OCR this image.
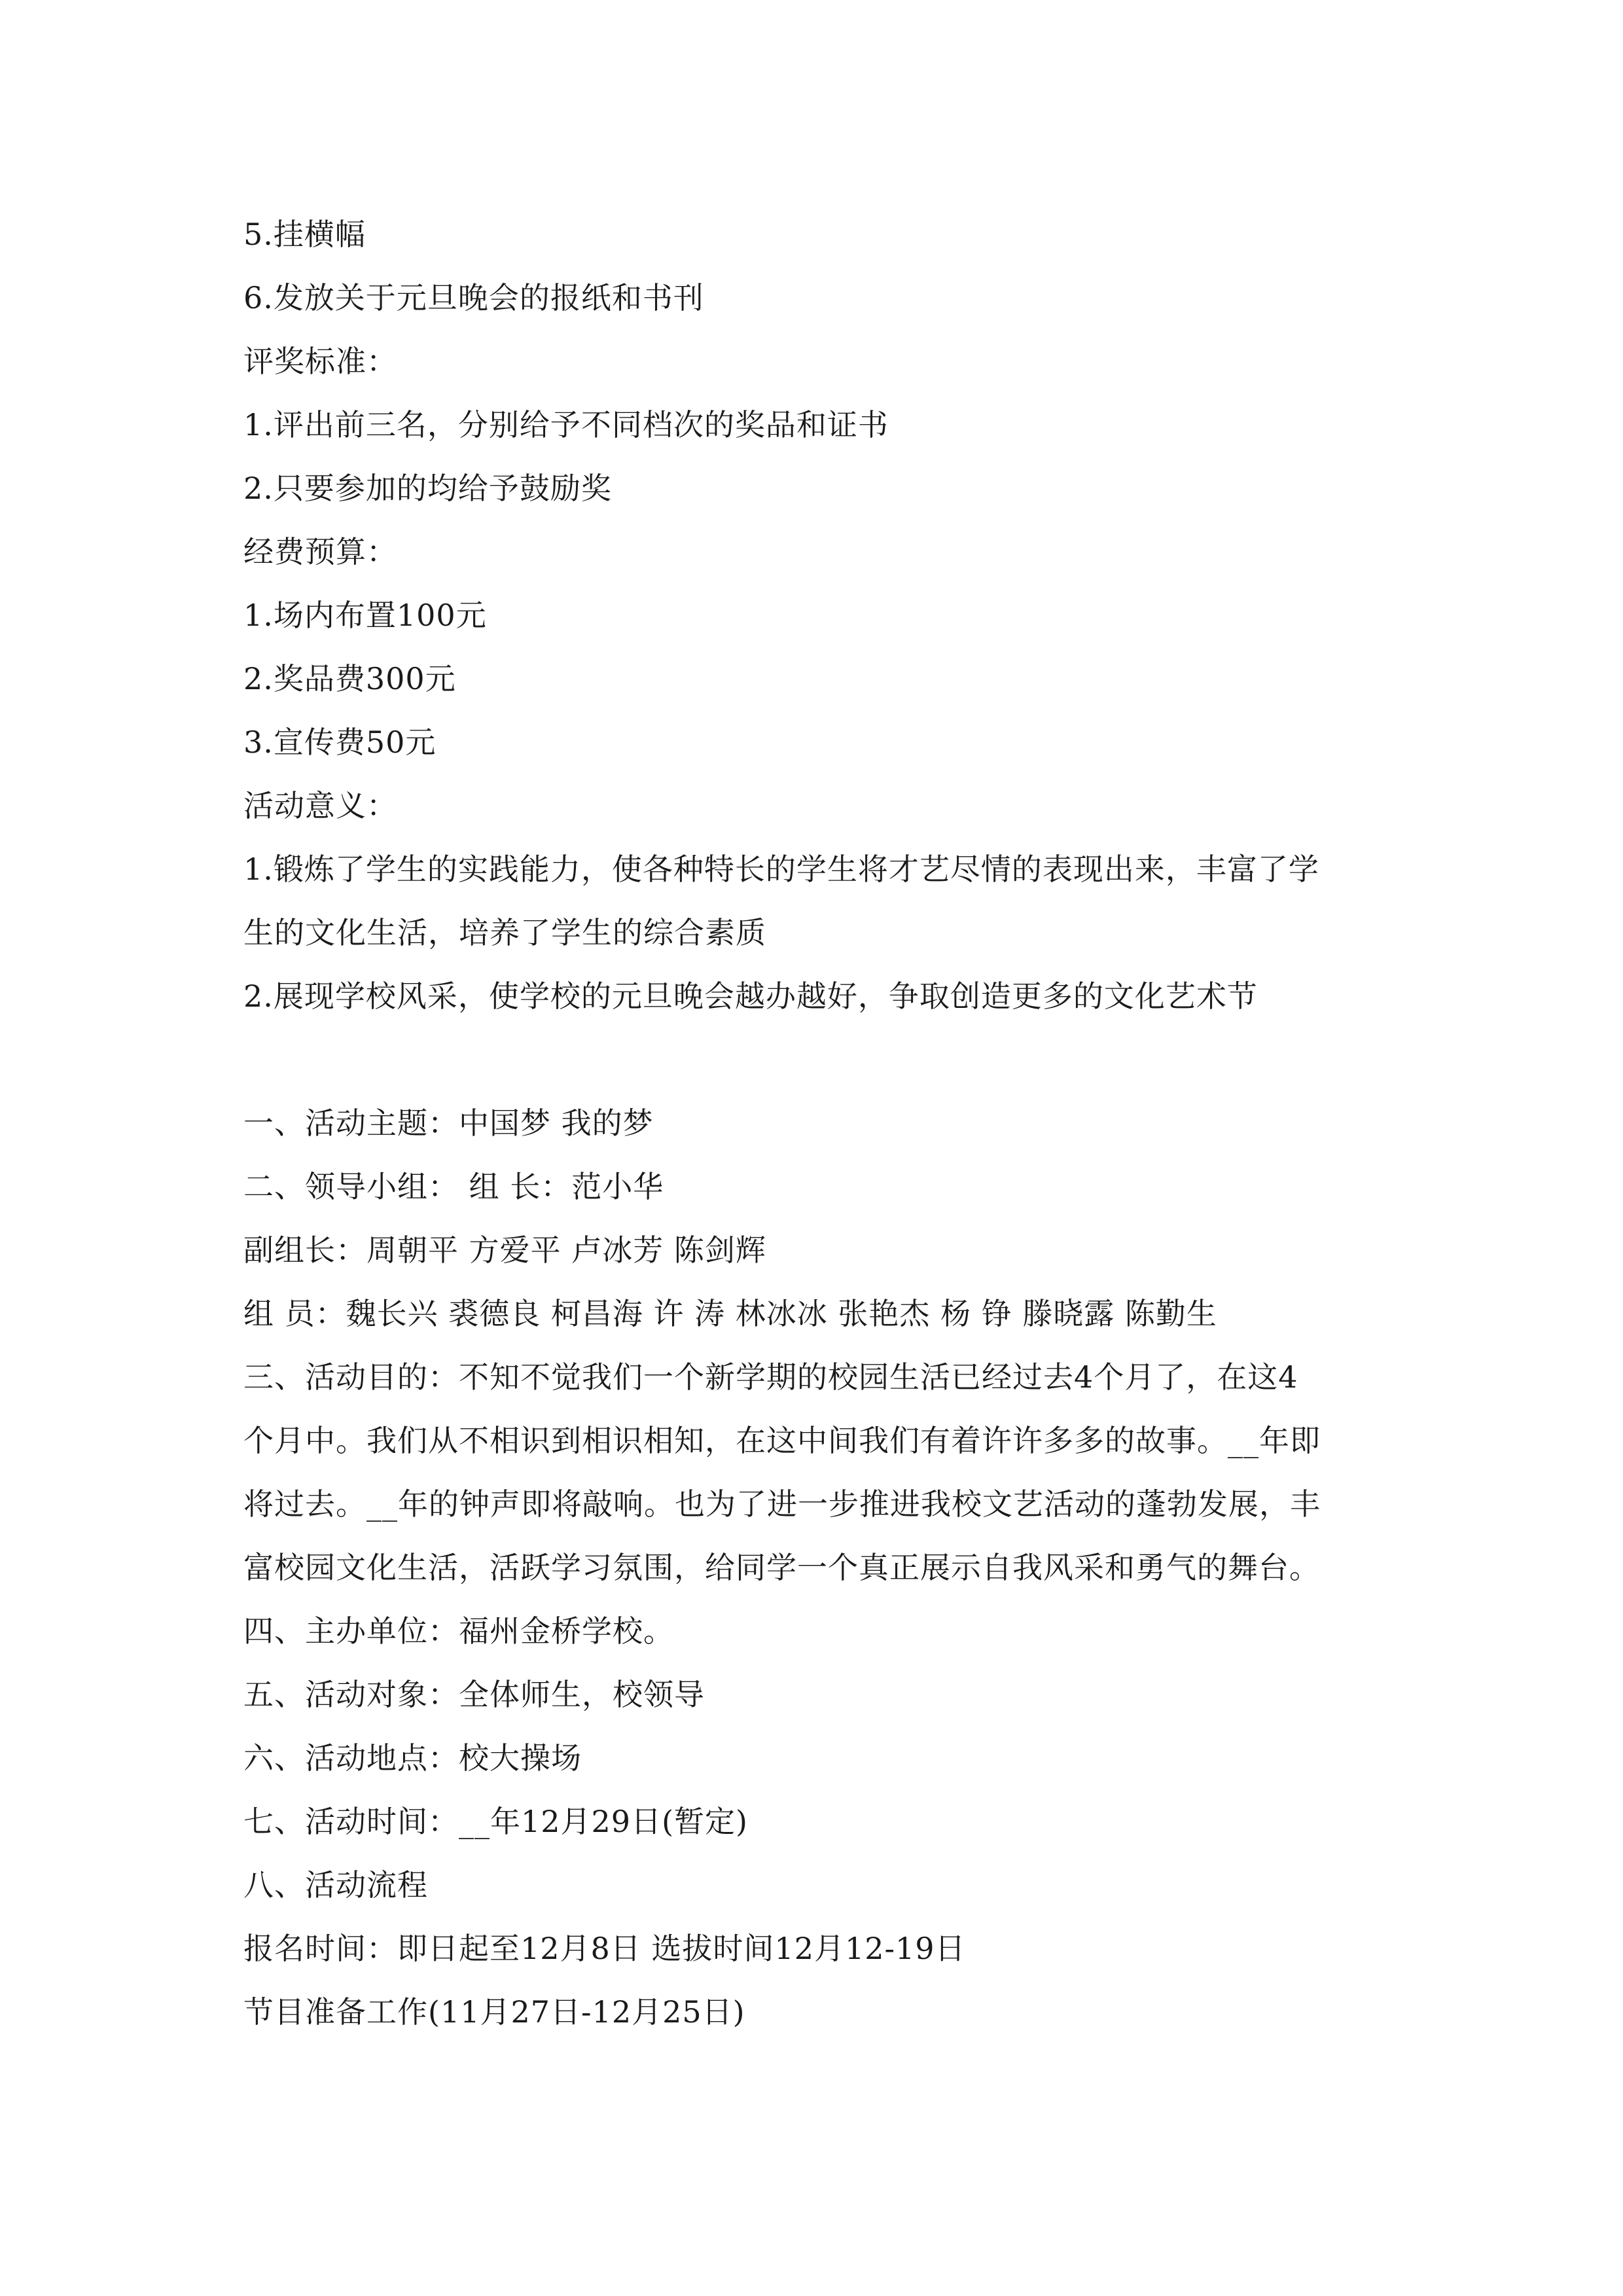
5.挂横幅

6.发放关于元旦晚会的报纸和书刊

评奖标准：

1.评出前三名，分别给予不同档次的奖品和证书

2.只要参加的均给予鼓励奖

经费预算：

1.场内布置100元

2.奖品费300元

3.宣传费50元

活动意义：

1.锻炼了学生的实践能力，使各种特长的学生将才艺尽情的表现出来，丰富了学

生的文化生活，培养了学生的综合素质

2.展现学校风采，使学校的元旦晚会越办越好，争取创造更多的文化艺术节

一、活动主题：中国梦 我的梦

二、领导小组： 组 长：范小华

副组长：周朝平 方爱平 卢冰芳 陈剑辉

组 员：魏长兴 裘德良 柯昌海 许 涛 林冰冰 张艳杰 杨 铮 滕晓露 陈勤生

三、活动目的：不知不觉我们一个新学期的校园生活已经过去4个月了，在这4

个月中。我们从不相识到相识相知，在这中间我们有着许许多多的故事。__年即

将过去。__年的钟声即将敲响。也为了进一步推进我校文艺活动的蓬勃发展，丰

富校园文化生活，活跃学习氛围，给同学一个真正展示自我风采和勇气的舞台。

四、主办单位：福州金桥学校。

五、活动对象：全体师生，校领导

六、活动地点：校大操场

七、活动时间：__年12月29日(暂定)

八、活动流程

报名时间：即日起至12月8日 选拔时间12月12-19日

节目准备工作(11月27日-12月25日)
